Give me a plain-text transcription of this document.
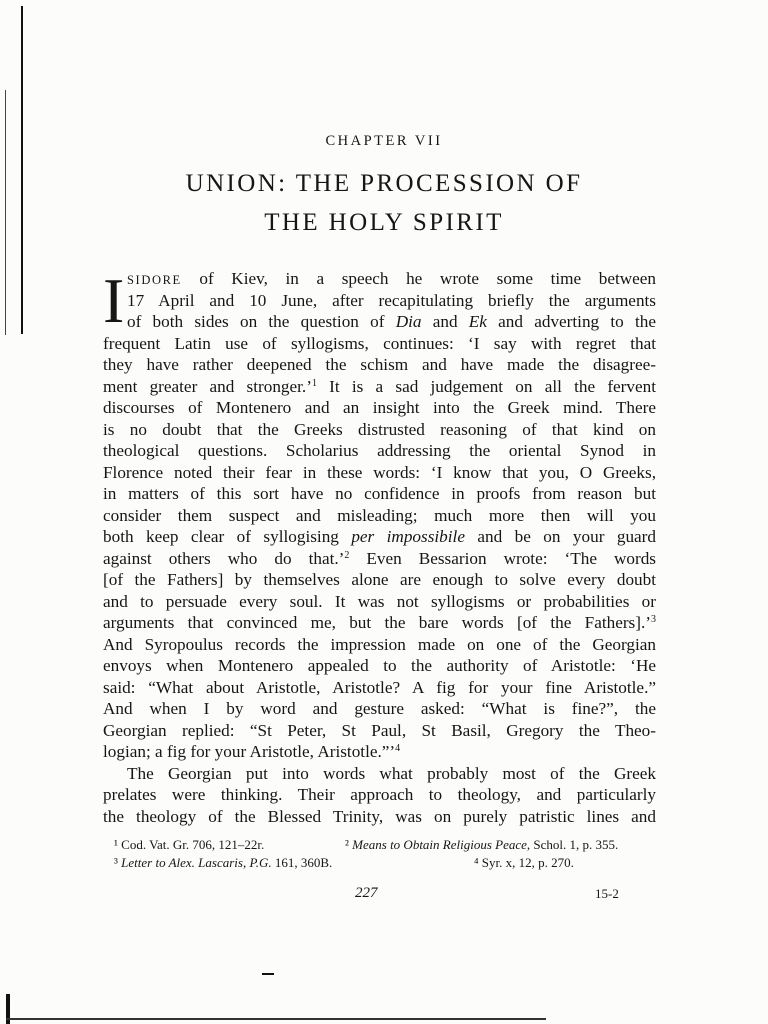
CHAPTER VII
UNION: THE PROCESSION OF
THE HOLY SPIRIT
I SIDORE of Kiev, in a speech he wrote some time between
17 April and 10 June, after recapitulating briefly the arguments
of both sides on the question of Dia and Ek and adverting to the
frequent Latin use of syllogisms, continues: ‘I say with regret that
they have rather deepened the schism and have made the disagree-
ment greater and stronger.’$^1$ It is a sad judgement on all the fervent
discourses of Montenero and an insight into the Greek mind. There
is no doubt that the Greeks distrusted reasoning of that kind on
theological questions. Scholarius addressing the oriental Synod in
Florence noted their fear in these words: ‘I know that you, O Greeks,
in matters of this sort have no confidence in proofs from reason but
consider them suspect and misleading; much more then will you
both keep clear of syllogising per impossibile and be on your guard
against others who do that.’$^2$ Even Bessarion wrote: ‘The words
[of the Fathers] by themselves alone are enough to solve every doubt
and to persuade every soul. It was not syllogisms or probabilities or
arguments that convinced me, but the bare words [of the Fathers].’$^3$
And Syropoulus records the impression made on one of the Georgian
envoys when Montenero appealed to the authority of Aristotle: ‘He
said: “What about Aristotle, Aristotle? A fig for your fine Aristotle.”
And when I by word and gesture asked: “What is fine?”, the
Georgian replied: “St Peter, St Paul, St Basil, Gregory the Theo-
logian; a fig for your Aristotle, Aristotle.”’$^4$
The Georgian put into words what probably most of the Greek
prelates were thinking. Their approach to theology, and particularly
the theology of the Blessed Trinity, was on purely patristic lines and
¹ Cod. Vat. Gr. 706, 121–22r.	² Means to Obtain Religious Peace, Schol. 1, p. 355.
³ Letter to Alex. Lascaris, P.G. 161, 360B.	⁴ Syr. x, 12, p. 270.
227	15-2
